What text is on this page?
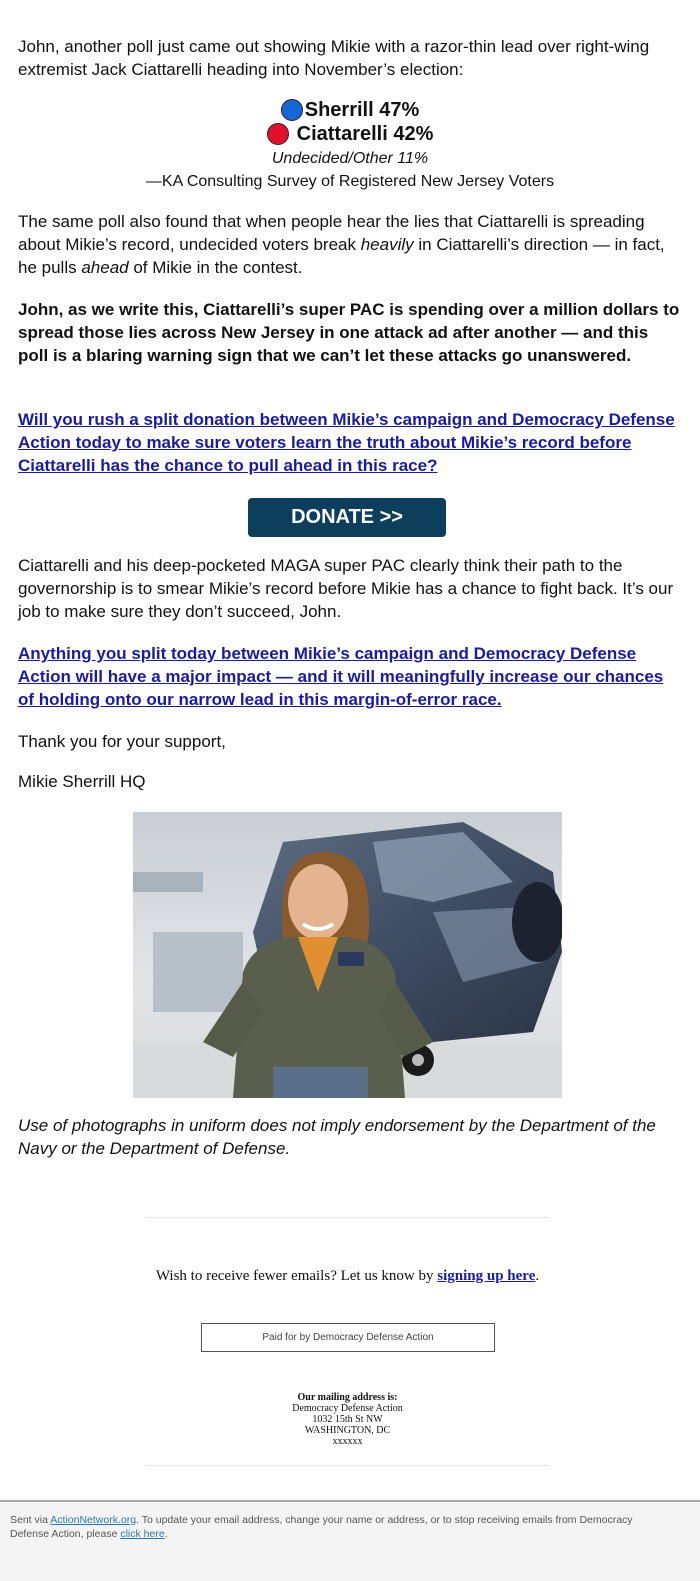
John, another poll just came out showing Mikie with a razor-thin lead over right-wing extremist Jack Ciattarelli heading into November’s election:

Sherrill 47%
Ciattarelli 42%
Undecided/Other 11%
—KA Consulting Survey of Registered New Jersey Voters

The same poll also found that when people hear the lies that Ciattarelli is spreading about Mikie’s record, undecided voters break heavily in Ciattarelli’s direction — in fact, he pulls ahead of Mikie in the contest.

John, as we write this, Ciattarelli’s super PAC is spending over a million dollars to spread those lies across New Jersey in one attack ad after another — and this poll is a blaring warning sign that we can’t let these attacks go unanswered.

Will you rush a split donation between Mikie’s campaign and Democracy Defense Action today to make sure voters learn the truth about Mikie’s record before Ciattarelli has the chance to pull ahead in this race?

DONATE >>

Ciattarelli and his deep-pocketed MAGA super PAC clearly think their path to the governorship is to smear Mikie’s record before Mikie has a chance to fight back. It’s our job to make sure they don’t succeed, John.

Anything you split today between Mikie’s campaign and Democracy Defense Action will have a major impact — and it will meaningfully increase our chances of holding onto our narrow lead in this margin-of-error race.

Thank you for your support,

Mikie Sherrill HQ

Use of photographs in uniform does not imply endorsement by the Department of the Navy or the Department of Defense.

Wish to receive fewer emails? Let us know by signing up here.

Paid for by Democracy Defense Action
Our mailing address is:
Democracy Defense Action
1032 15th St NW
WASHINGTON, DC
xxxxxx

Sent via ActionNetwork.org. To update your email address, change your name or address, or to stop receiving emails from Democracy Defense Action, please click here.
